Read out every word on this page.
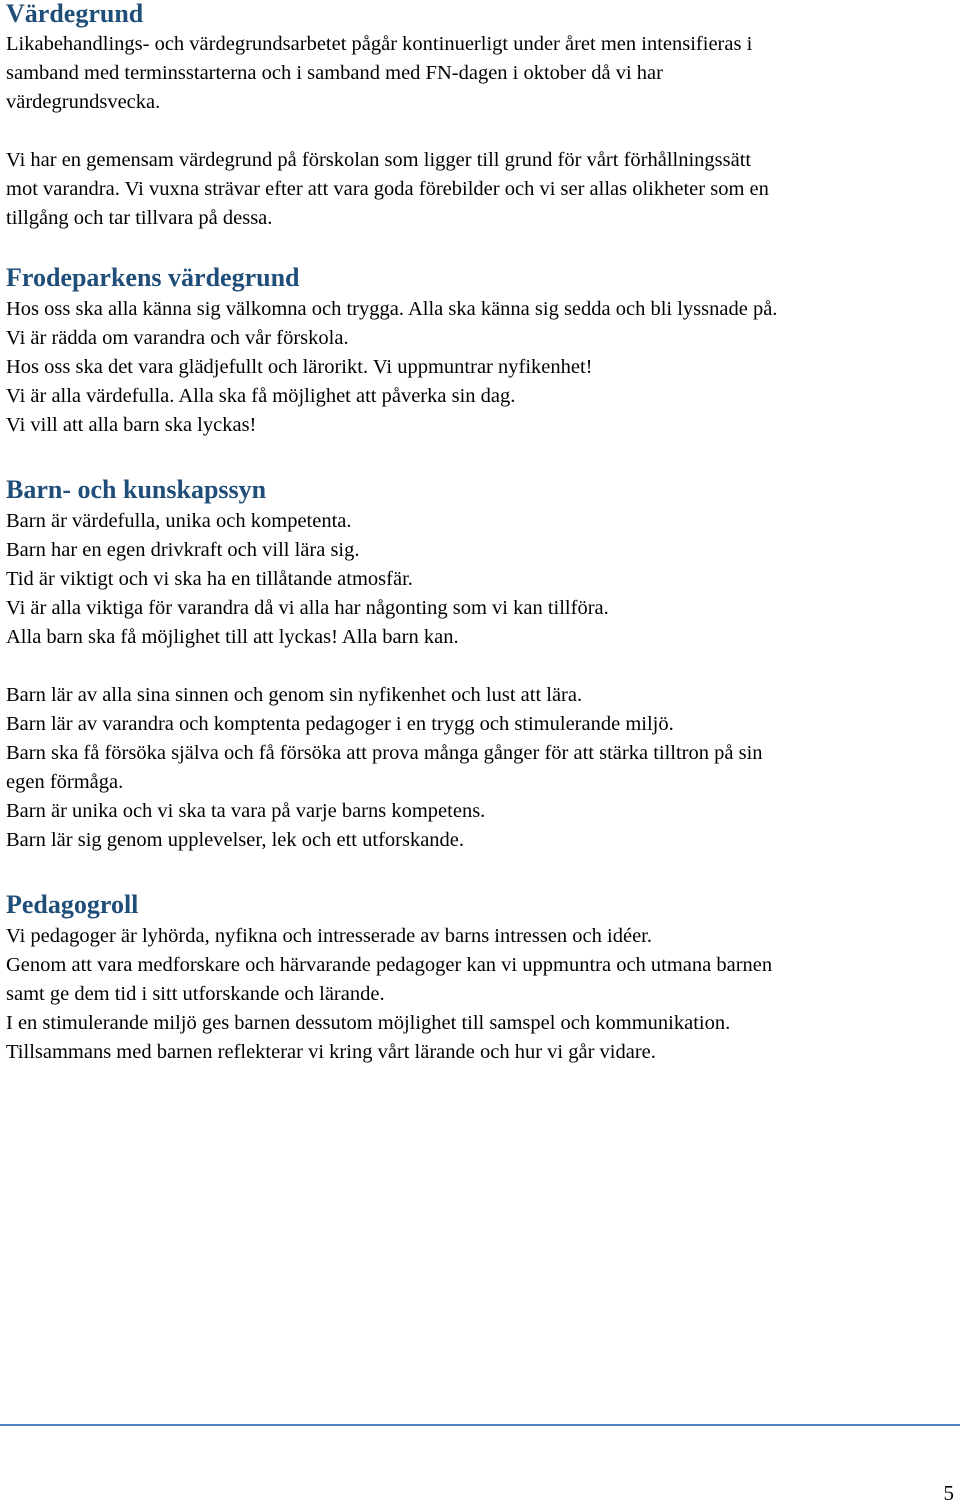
Värdegrund

Likabehandlings- och värdegrundsarbetet pågår kontinuerligt under året men intensifieras i

samband med terminsstarterna och i samband med FN-dagen i oktober då vi har

värdegrundsvecka.

Vi har en gemensam värdegrund på förskolan som ligger till grund för vårt förhållningssätt

mot varandra. Vi vuxna strävar efter att vara goda förebilder och vi ser allas olikheter som en

tillgång och tar tillvara på dessa.

Frodeparkens värdegrund

Hos oss ska alla känna sig välkomna och trygga. Alla ska känna sig sedda och bli lyssnade på.

Vi är rädda om varandra och vår förskola.

Hos oss ska det vara glädjefullt och lärorikt. Vi uppmuntrar nyfikenhet!

Vi är alla värdefulla. Alla ska få möjlighet att påverka sin dag.

Vi vill att alla barn ska lyckas!

Barn- och kunskapssyn

Barn är värdefulla, unika och kompetenta.

Barn har en egen drivkraft och vill lära sig.

Tid är viktigt och vi ska ha en tillåtande atmosfär.

Vi är alla viktiga för varandra då vi alla har någonting som vi kan tillföra.

Alla barn ska få möjlighet till att lyckas! Alla barn kan.

Barn lär av alla sina sinnen och genom sin nyfikenhet och lust att lära.

Barn lär av varandra och komptenta pedagoger i en trygg och stimulerande miljö.

Barn ska få försöka själva och få försöka att prova många gånger för att stärka tilltron på sin

egen förmåga.

Barn är unika och vi ska ta vara på varje barns kompetens.

Barn lär sig genom upplevelser, lek och ett utforskande.

Pedagogroll

Vi pedagoger är lyhörda, nyfikna och intresserade av barns intressen och idéer.

Genom att vara medforskare och härvarande pedagoger kan vi uppmuntra och utmana barnen

samt ge dem tid i sitt utforskande och lärande.

I en stimulerande miljö ges barnen dessutom möjlighet till samspel och kommunikation.

Tillsammans med barnen reflekterar vi kring vårt lärande och hur vi går vidare.

5
